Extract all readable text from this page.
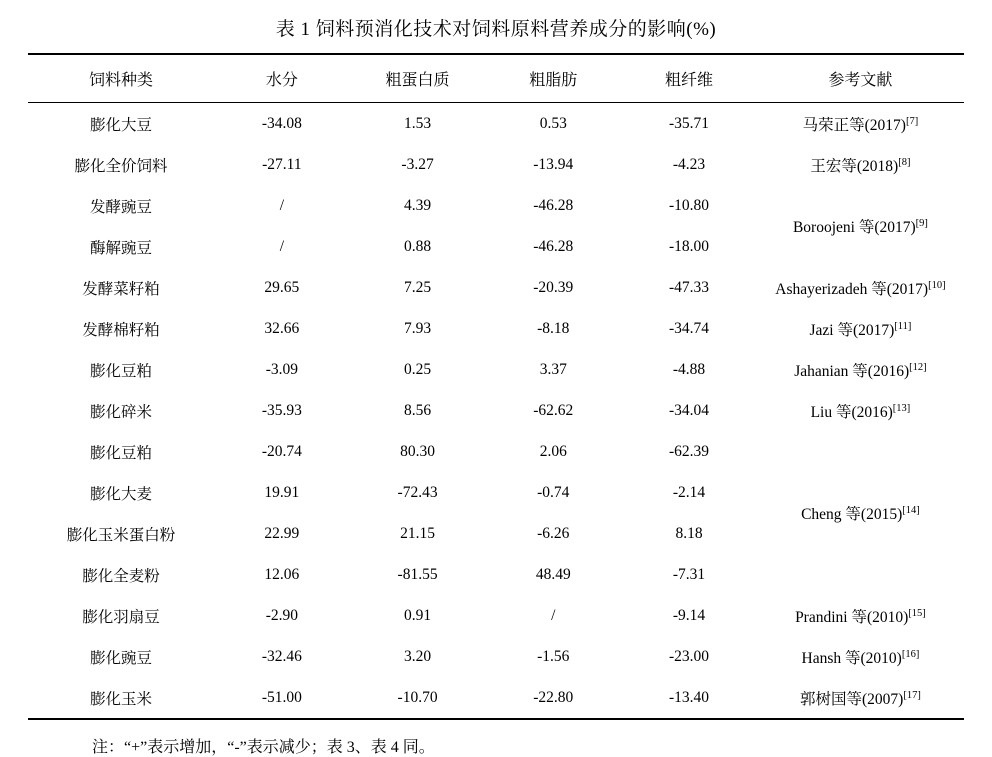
表 1 饲料预消化技术对饲料原料营养成分的影响(%)
饲料种类	水分	粗蛋白质	粗脂肪	粗纤维	参考文献
膨化大豆	-34.08	1.53	0.53	-35.71	马荣正等(2017)[7]
膨化全价饲料	-27.11	-3.27	-13.94	-4.23	王宏等(2018)[8]
发酵豌豆	/	4.39	-46.28	-10.80	Boroojeni 等(2017)[9]
酶解豌豆	/	0.88	-46.28	-18.00	
发酵菜籽粕	29.65	7.25	-20.39	-47.33	Ashayerizadeh 等(2017)[10]
发酵棉籽粕	32.66	7.93	-8.18	-34.74	Jazi 等(2017)[11]
膨化豆粕	-3.09	0.25	3.37	-4.88	Jahanian 等(2016)[12]
膨化碎米	-35.93	8.56	-62.62	-34.04	Liu 等(2016)[13]
膨化豆粕	-20.74	80.30	2.06	-62.39	Cheng 等(2015)[14]
膨化大麦	19.91	-72.43	-0.74	-2.14	
膨化玉米蛋白粉	22.99	21.15	-6.26	8.18	
膨化全麦粉	12.06	-81.55	48.49	-7.31	
膨化羽扇豆	-2.90	0.91	/	-9.14	Prandini 等(2010)[15]
膨化豌豆	-32.46	3.20	-1.56	-23.00	Hansh 等(2010)[16]
膨化玉米	-51.00	-10.70	-22.80	-13.40	郭树国等(2007)[17]
注：“+”表示增加，“-”表示减少；表 3、表 4 同。
